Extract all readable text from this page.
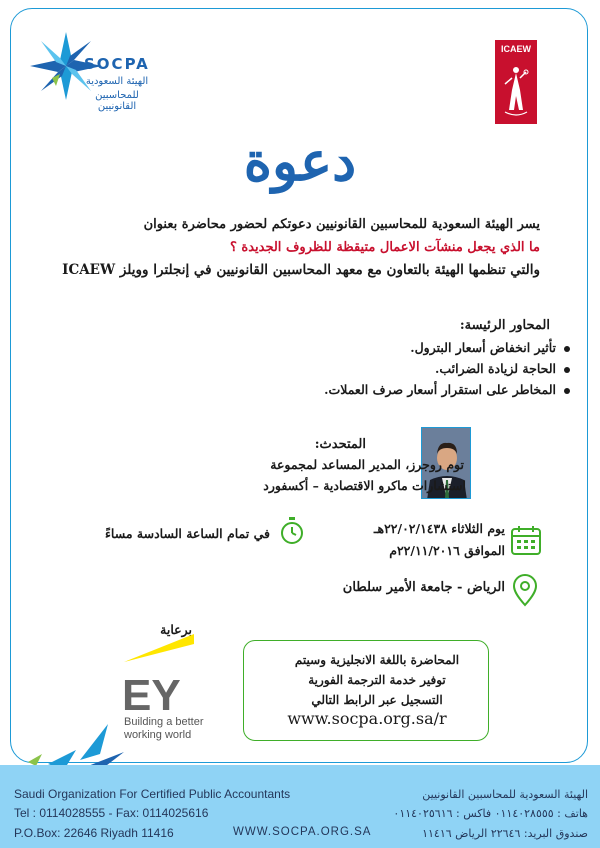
SOCPA
الهيئة السعودية
للمحاسبين القانونيين
ICAEW
دعوة
يسر الهيئة السعودية للمحاسبين القانونيين دعوتكم لحضور محاضرة بعنوان
ما الذي يجعل منشآت الاعمال متيقظة للظروف الجديدة ؟
والتي تنظمها الهيئة بالتعاون مع معهد المحاسبين القانونيين في إنجلترا وويلز ICAEW
المحاور الرئيسة:
تأثير انخفاض أسعار البترول.
الحاجة لزيادة الضرائب.
المخاطر على استقرار أسعار صرف العملات.
المتحدث:
توم روجرز، المدير المساعد لمجموعة
استشارات ماكرو الاقتصادية – أكسفورد
يوم الثلاثاء ٢٢/٠٢/١٤٣٨هـ
الموافق ٢٢/١١/٢٠١٦م
في تمام الساعة السادسة مساءً
الرياض - جامعة الأمير سلطان
برعاية
EY
Building a better
working world
المحاضرة باللغة الانجليزية وسيتم
توفير خدمة الترجمة الفورية
التسجيل عبر الرابط التالي
www.socpa.org.sa/r
Saudi Organization For Certified Public Accountants
Tel : 0114028555 - Fax: 0114025616
P.O.Box: 22646 Riyadh 11416	WWW.SOCPA.ORG.SA
الهيئة السعودية للمحاسبين القانونيين
هاتف : ٠١١٤٠٢٨٥٥٥ فاكس : ٠١١٤٠٢٥٦١٦
صندوق البريد: ٢٢٦٤٦ الرياض ١١٤١٦
